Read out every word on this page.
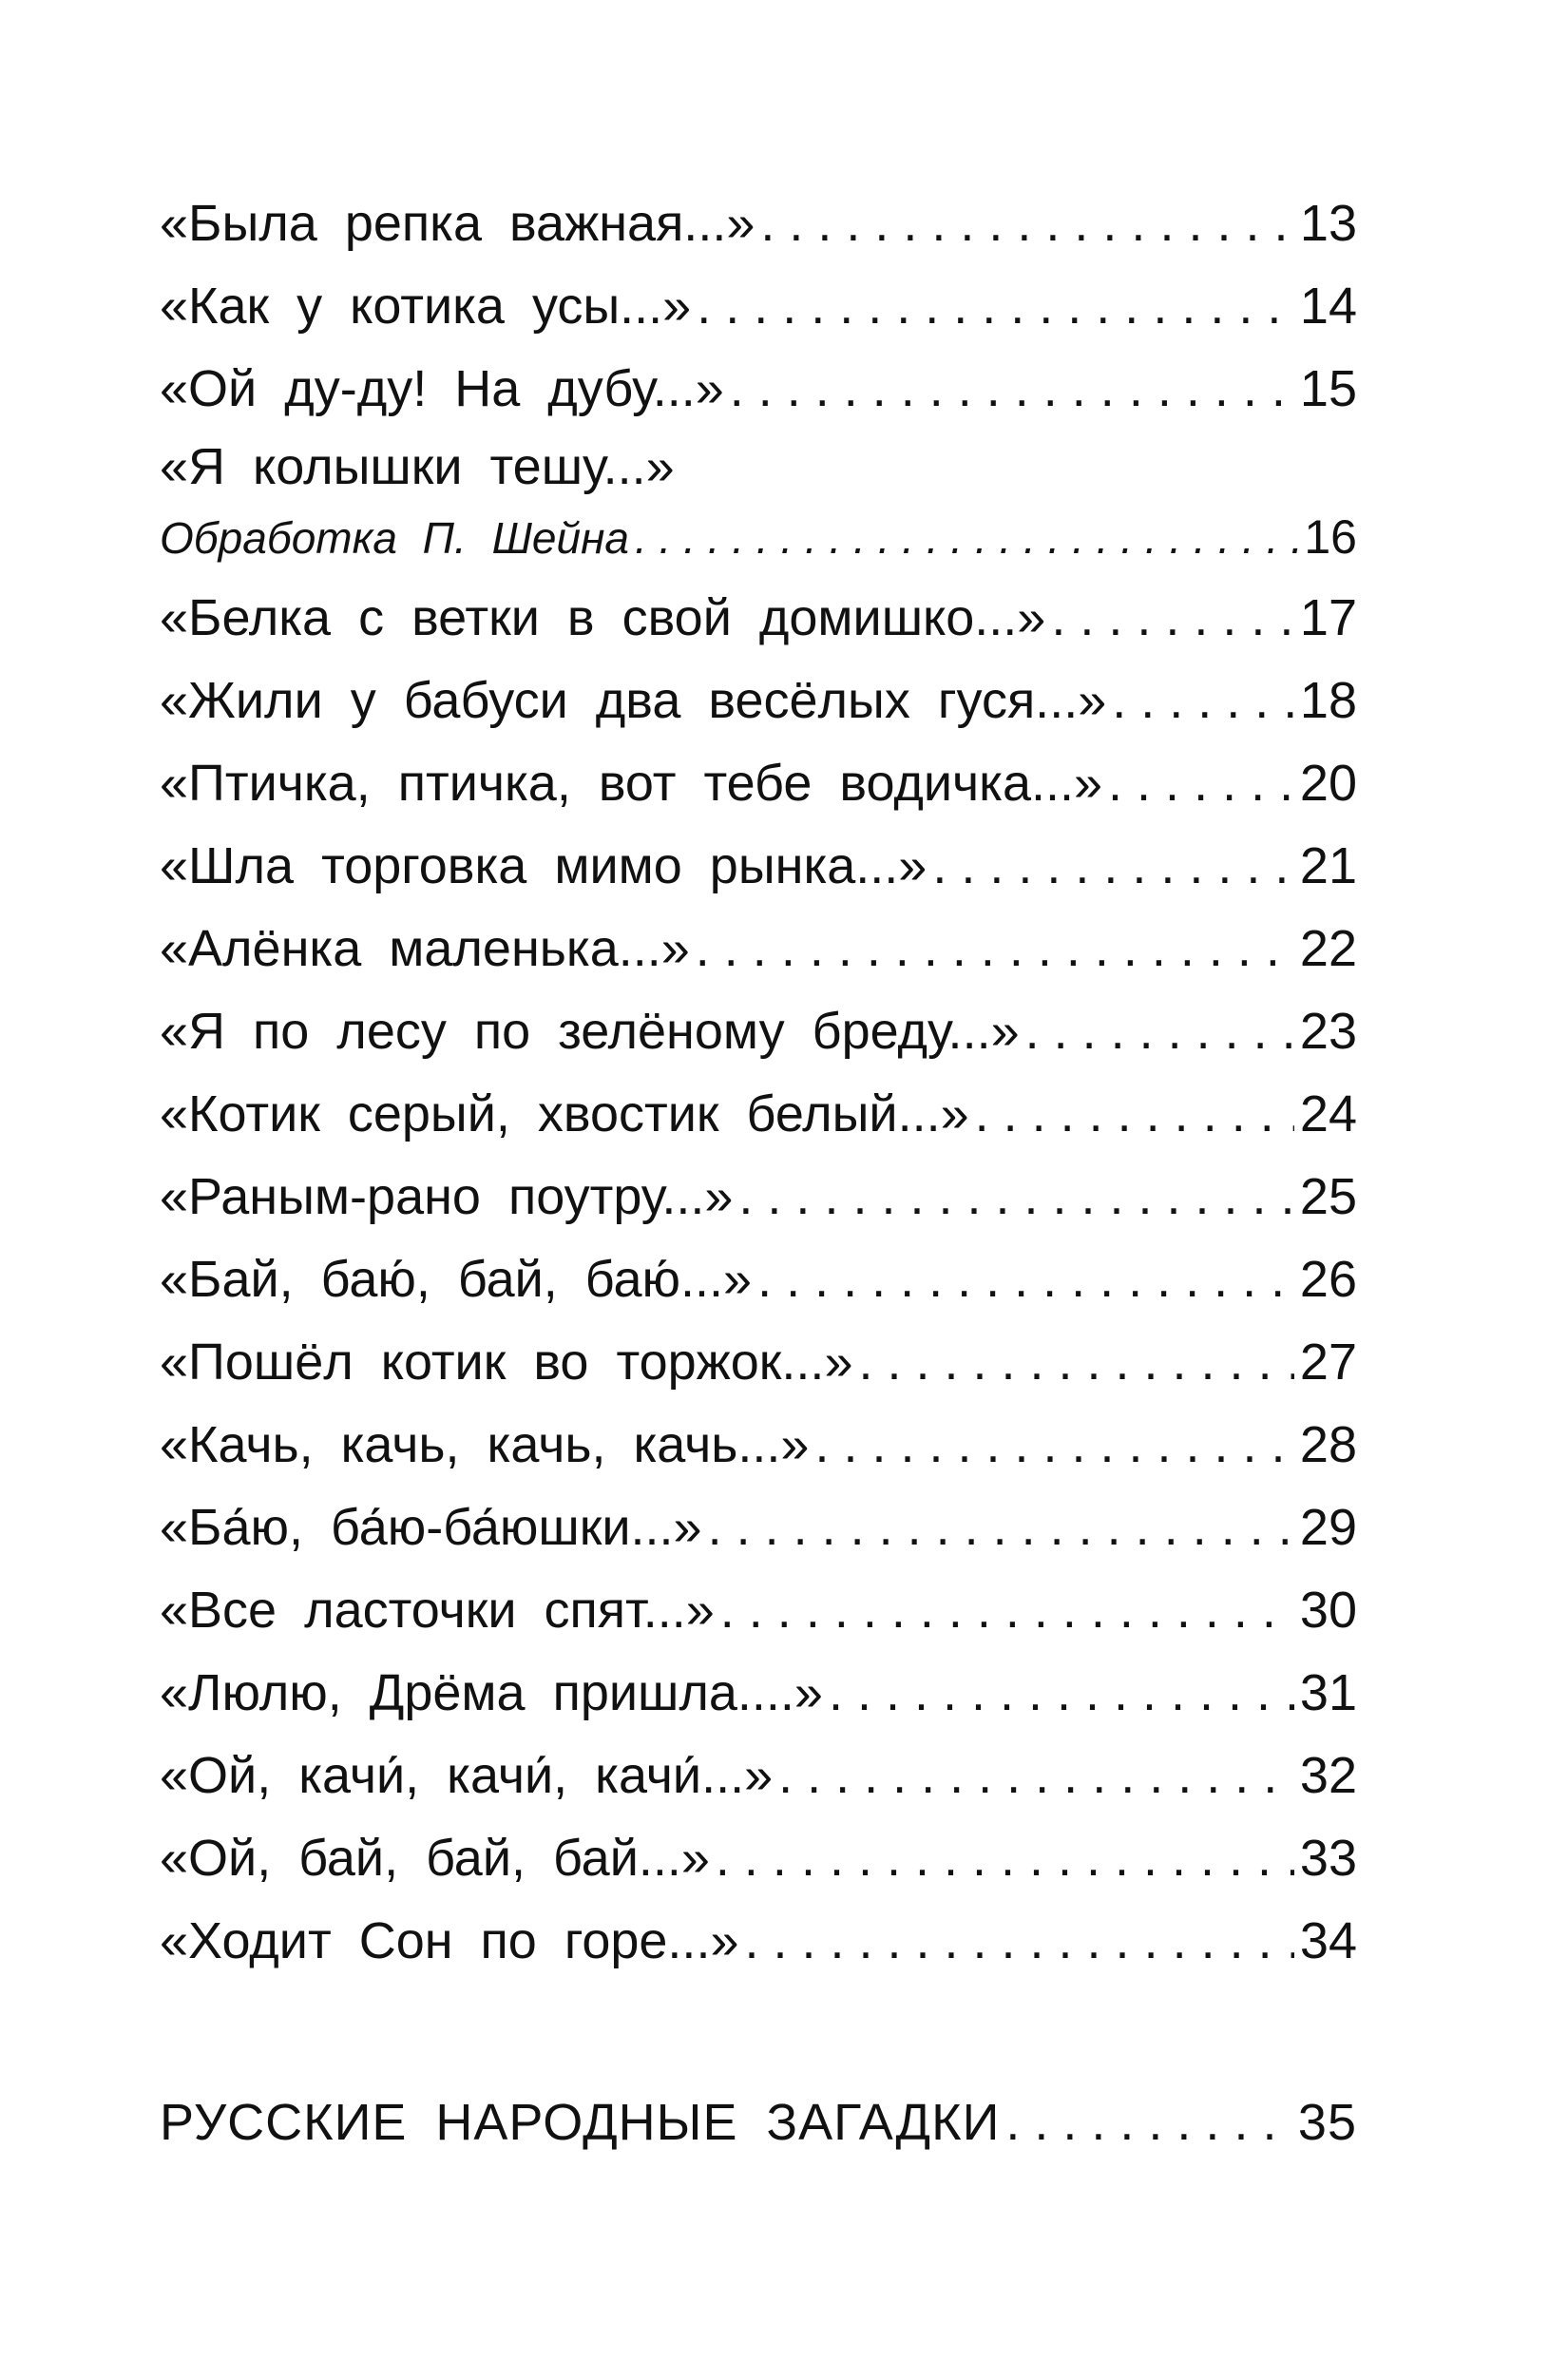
«Была репка важная...» . . .	13
«Как у котика усы...» . . .	14
«Ой ду-ду! На дубу...» . . .	15
«Я колышки тешу...»
Обработка П. Шейна . . .	16
«Белка с ветки в свой домишко...» . . .	17
«Жили у бабуси два весёлых гуся...» . . .	18
«Птичка, птичка, вот тебе водичка...» . . .	20
«Шла торговка мимо рынка...» . . .	21
«Алёнка маленька...» . . .	22
«Я по лесу по зелёному бреду...» . . .	23
«Котик серый, хвостик белый...» . . .	24
«Раным-рано поутру...» . . .	25
«Бай, баю́, бай, баю́...» . . .	26
«Пошёл котик во торжок...» . . .	27
«Качь, качь, качь, качь...» . . .	28
«Ба́ю, ба́ю-ба́юшки...» . . .	29
«Все ласточки спят...» . . .	30
«Люлю, Дрёма пришла....» . . .	31
«Ой, качи́, качи́, качи́...» . . .	32
«Ой, бай, бай, бай...» . . .	33
«Ходит Сон по горе...» . . .	34
РУССКИЕ НАРОДНЫЕ ЗАГАДКИ . . .	35
